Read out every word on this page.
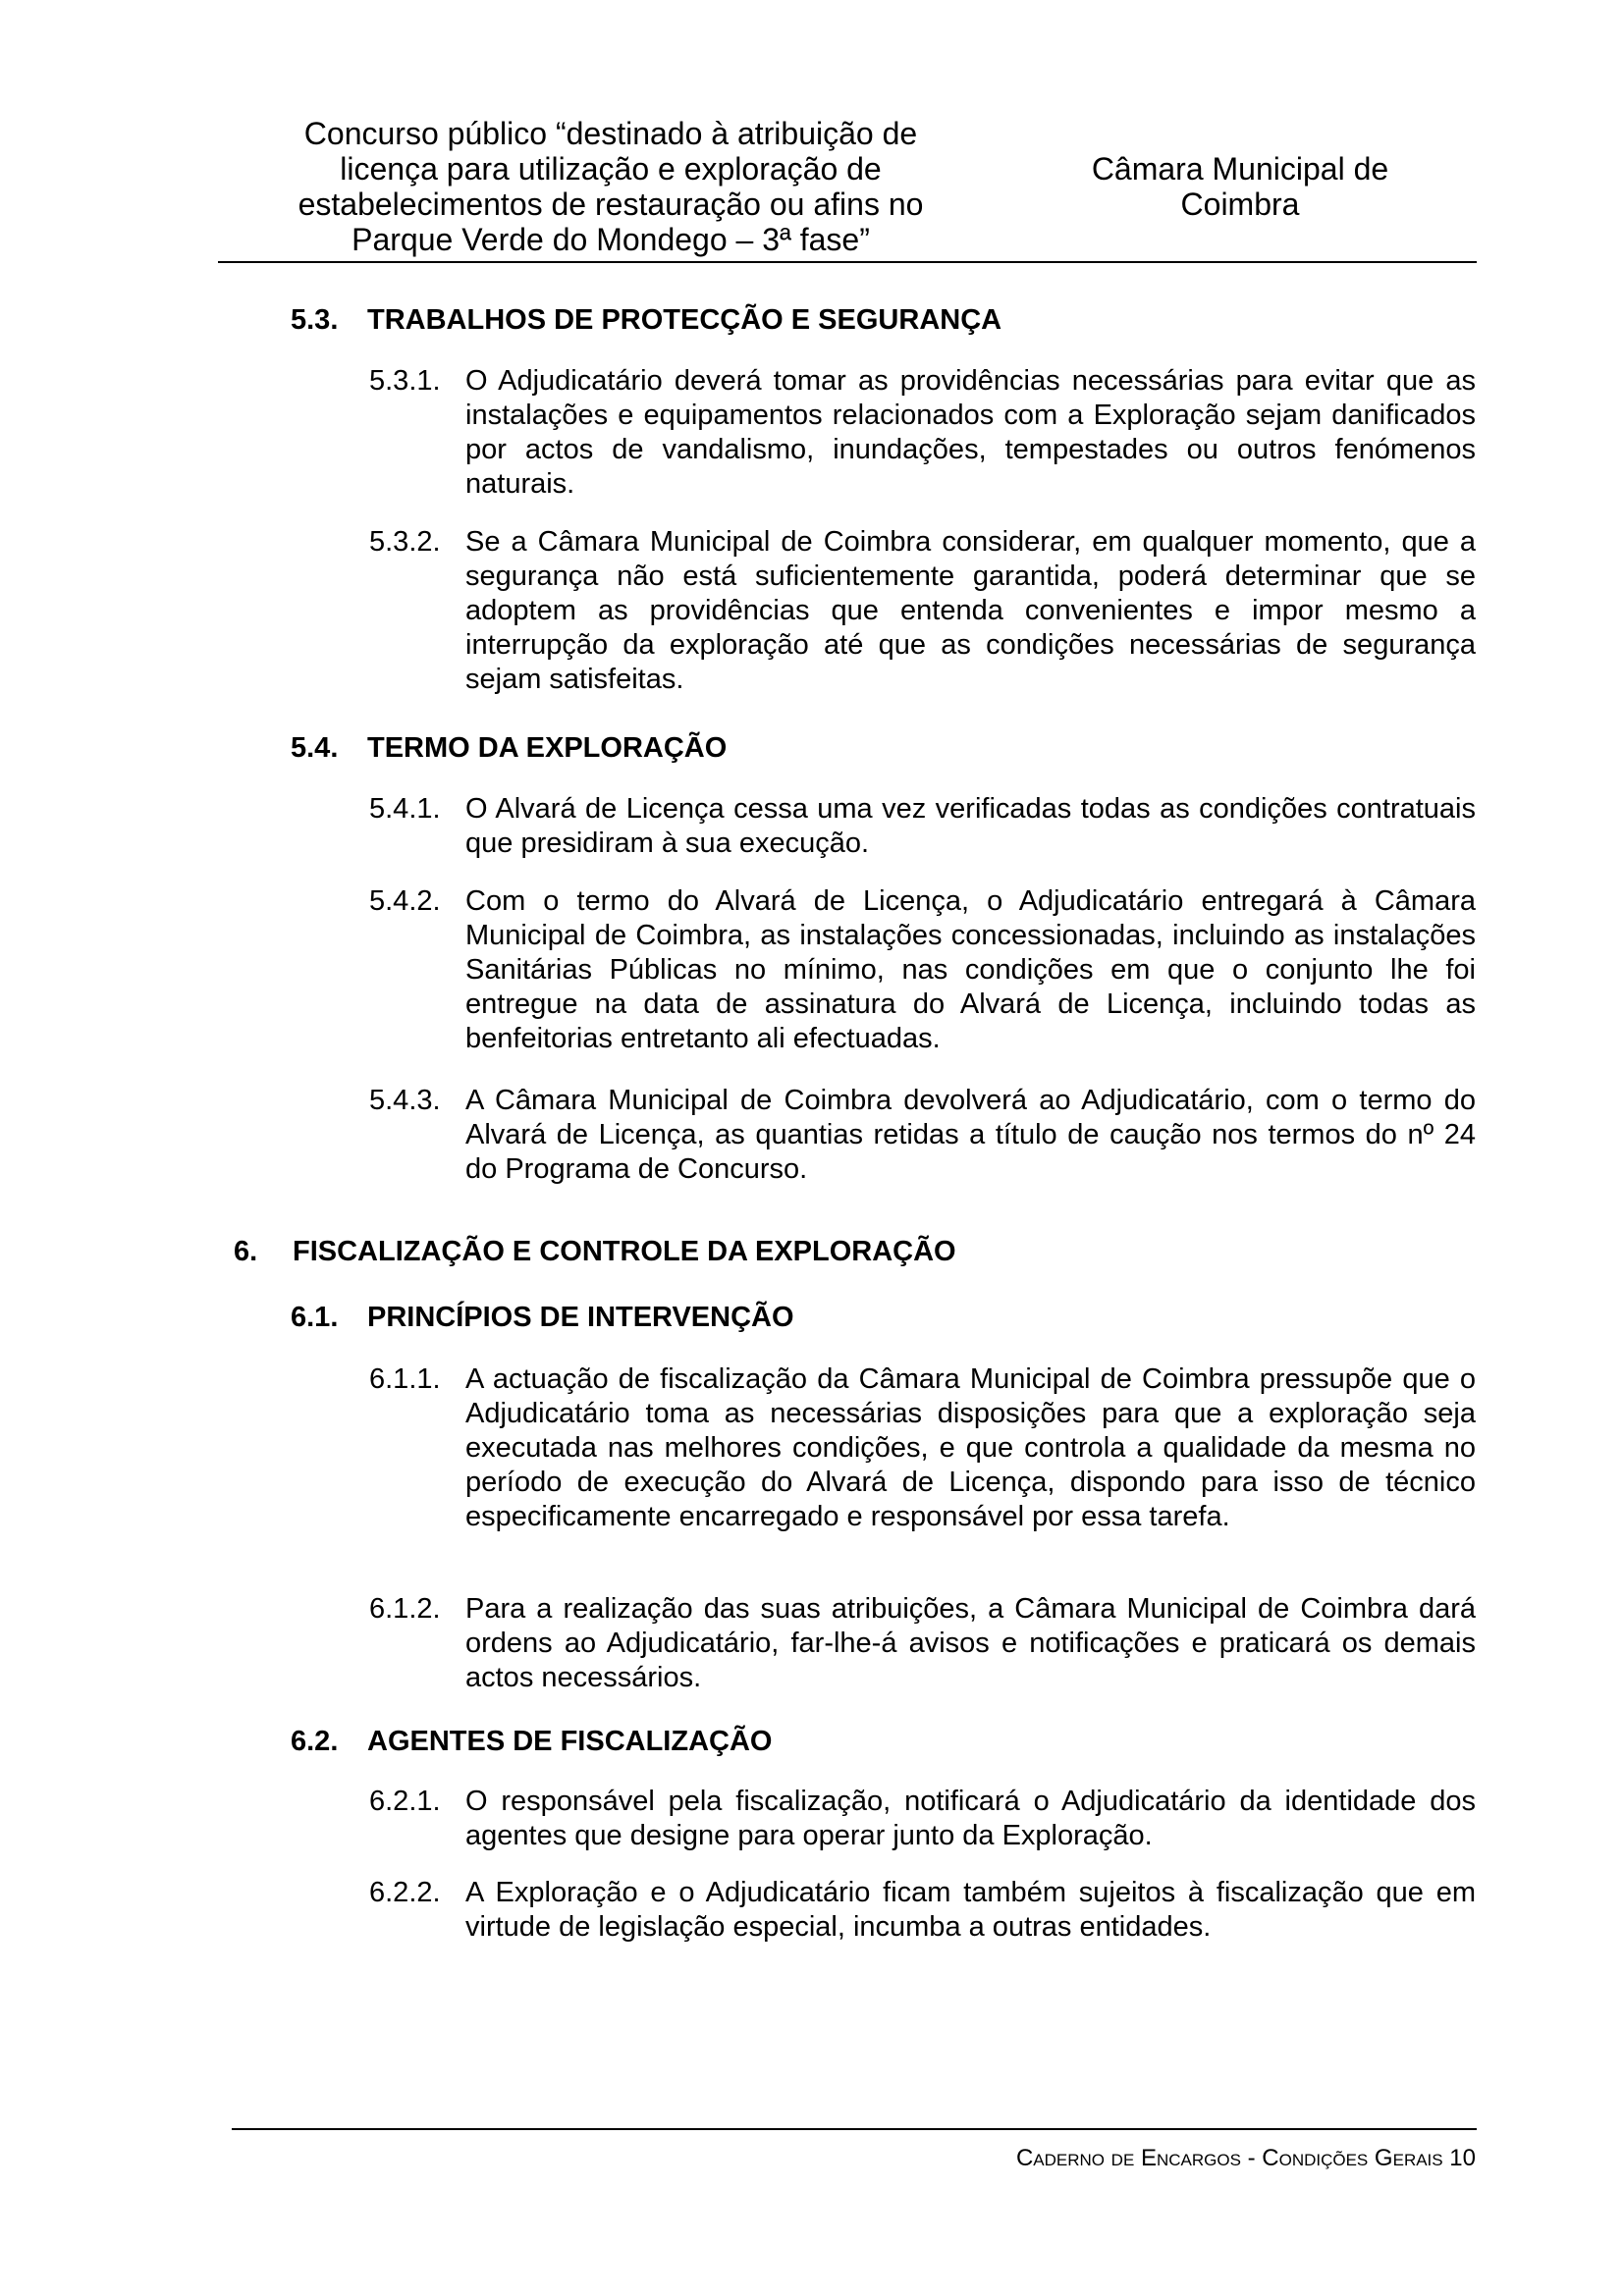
Concurso público “destinado à atribuição de
licença para utilização e exploração de
estabelecimentos de restauração ou afins no
Parque Verde do Mondego – 3ª fase”
Câmara Municipal de
Coimbra
5.3. TRABALHOS DE PROTECÇÃO E SEGURANÇA
5.3.1. O Adjudicatário deverá tomar as providências necessárias para evitar que as instalações e equipamentos relacionados com a Exploração sejam danificados por actos de vandalismo, inundações, tempestades ou outros fenómenos naturais.
5.3.2. Se a Câmara Municipal de Coimbra considerar, em qualquer momento, que a segurança não está suficientemente garantida, poderá determinar que se adoptem as providências que entenda convenientes e impor mesmo a interrupção da exploração até que as condições necessárias de segurança sejam satisfeitas.
5.4. TERMO DA EXPLORAÇÃO
5.4.1. O Alvará de Licença cessa uma vez verificadas todas as condições contratuais que presidiram à sua execução.
5.4.2. Com o termo do Alvará de Licença, o Adjudicatário entregará à Câmara Municipal de Coimbra, as instalações concessionadas, incluindo as instalações Sanitárias Públicas no mínimo, nas condições em que o conjunto lhe foi entregue na data de assinatura do Alvará de Licença, incluindo todas as benfeitorias entretanto ali efectuadas.
5.4.3. A Câmara Municipal de Coimbra devolverá ao Adjudicatário, com o termo do Alvará de Licença, as quantias retidas a título de caução nos termos do nº 24 do Programa de Concurso.
6. FISCALIZAÇÃO E CONTROLE DA EXPLORAÇÃO
6.1. PRINCÍPIOS DE INTERVENÇÃO
6.1.1. A actuação de fiscalização da Câmara Municipal de Coimbra pressupõe que o Adjudicatário toma as necessárias disposições para que a exploração seja executada nas melhores condições, e que controla a qualidade da mesma no período de execução do Alvará de Licença, dispondo para isso de técnico especificamente encarregado e responsável por essa tarefa.
6.1.2. Para a realização das suas atribuições, a Câmara Municipal de Coimbra dará ordens ao Adjudicatário, far-lhe-á avisos e notificações e praticará os demais actos necessários.
6.2. AGENTES DE FISCALIZAÇÃO
6.2.1. O responsável pela fiscalização, notificará o Adjudicatário da identidade dos agentes que designe para operar junto da Exploração.
6.2.2. A Exploração e o Adjudicatário ficam também sujeitos à fiscalização que em virtude de legislação especial, incumba a outras entidades.
Caderno de Encargos - Condições Gerais 10
